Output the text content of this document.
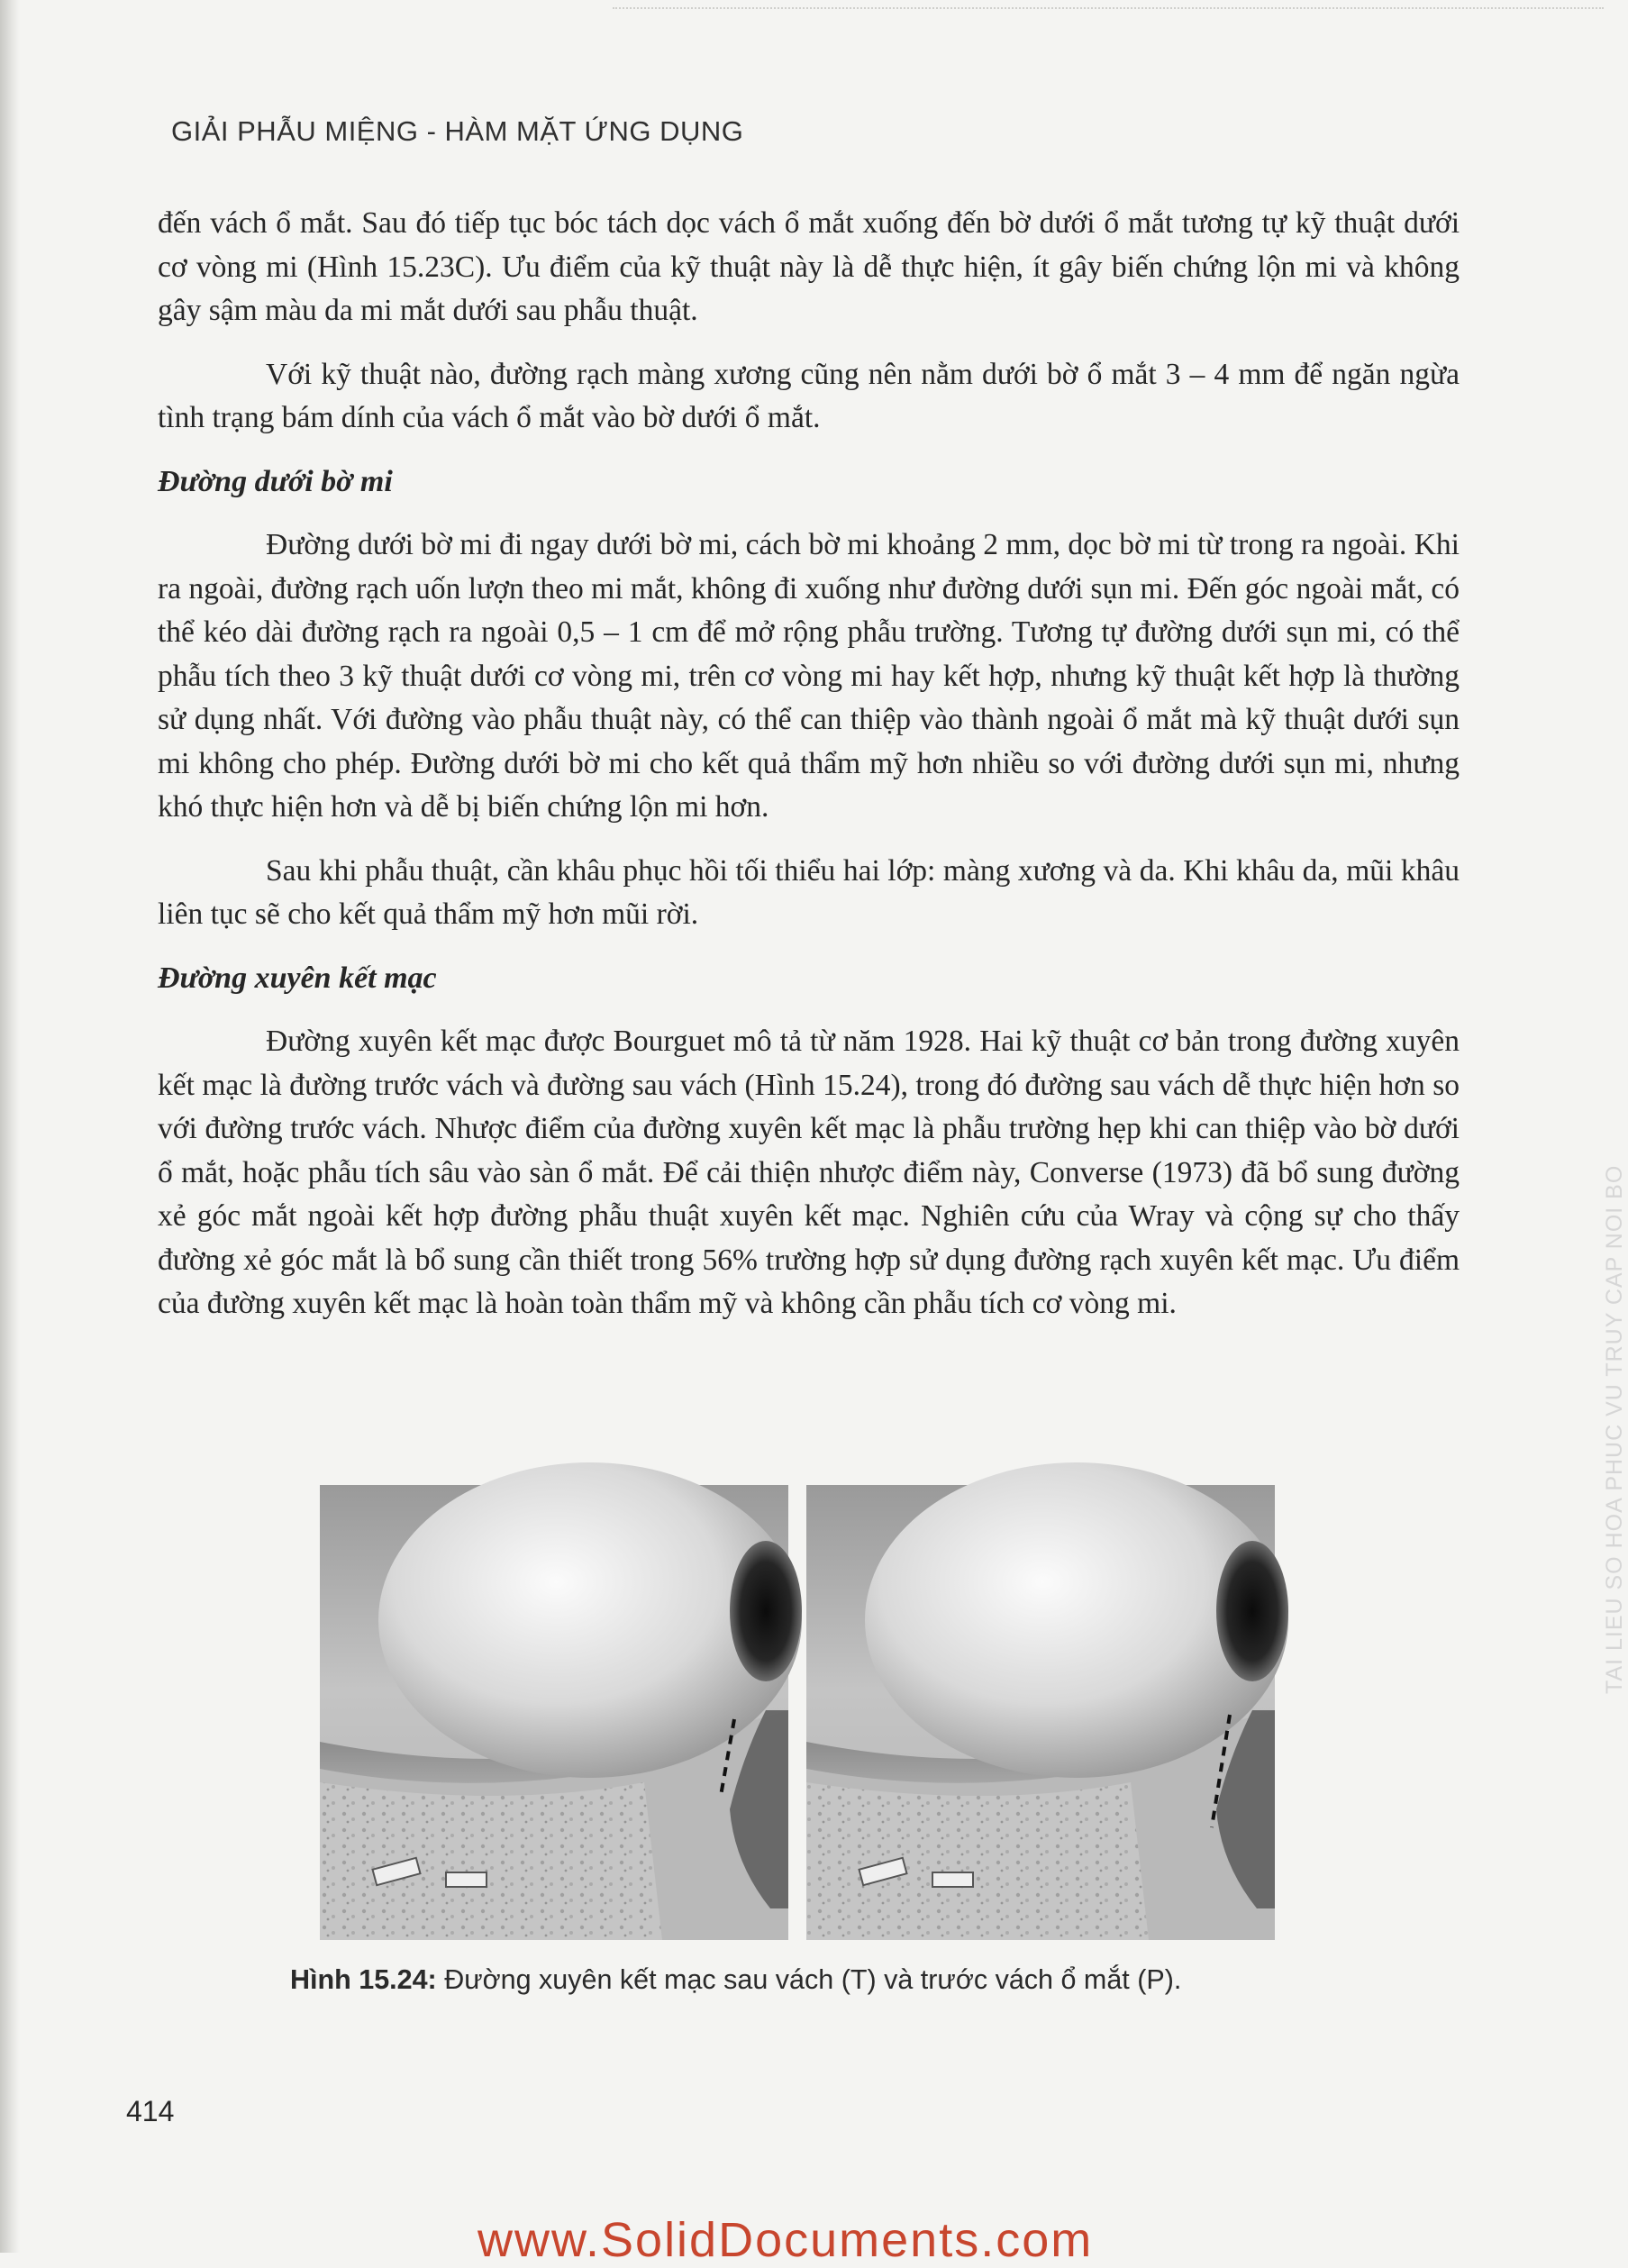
GIẢI PHẪU MIỆNG - HÀM MẶT ỨNG DỤNG

đến vách ổ mắt. Sau đó tiếp tục bóc tách dọc vách ổ mắt xuống đến bờ dưới ổ mắt tương tự kỹ thuật dưới cơ vòng mi (Hình 15.23C). Ưu điểm của kỹ thuật này là dễ thực hiện, ít gây biến chứng lộn mi và không gây sậm màu da mi mắt dưới sau phẫu thuật.

Với kỹ thuật nào, đường rạch màng xương cũng nên nằm dưới bờ ổ mắt 3 – 4 mm để ngăn ngừa tình trạng bám dính của vách ổ mắt vào bờ dưới ổ mắt.

Đường dưới bờ mi

Đường dưới bờ mi đi ngay dưới bờ mi, cách bờ mi khoảng 2 mm, dọc bờ mi từ trong ra ngoài. Khi ra ngoài, đường rạch uốn lượn theo mi mắt, không đi xuống như đường dưới sụn mi. Đến góc ngoài mắt, có thể kéo dài đường rạch ra ngoài 0,5 – 1 cm để mở rộng phẫu trường. Tương tự đường dưới sụn mi, có thể phẫu tích theo 3 kỹ thuật dưới cơ vòng mi, trên cơ vòng mi hay kết hợp, nhưng kỹ thuật kết hợp là thường sử dụng nhất. Với đường vào phẫu thuật này, có thể can thiệp vào thành ngoài ổ mắt mà kỹ thuật dưới sụn mi không cho phép. Đường dưới bờ mi cho kết quả thẩm mỹ hơn nhiều so với đường dưới sụn mi, nhưng khó thực hiện hơn và dễ bị biến chứng lộn mi hơn.

Sau khi phẫu thuật, cần khâu phục hồi tối thiểu hai lớp: màng xương và da. Khi khâu da, mũi khâu liên tục sẽ cho kết quả thẩm mỹ hơn mũi rời.

Đường xuyên kết mạc

Đường xuyên kết mạc được Bourguet mô tả từ năm 1928. Hai kỹ thuật cơ bản trong đường xuyên kết mạc là đường trước vách và đường sau vách (Hình 15.24), trong đó đường sau vách dễ thực hiện hơn so với đường trước vách. Nhược điểm của đường xuyên kết mạc là phẫu trường hẹp khi can thiệp vào bờ dưới ổ mắt, hoặc phẫu tích sâu vào sàn ổ mắt. Để cải thiện nhược điểm này, Converse (1973) đã bổ sung đường xẻ góc mắt ngoài kết hợp đường phẫu thuật xuyên kết mạc. Nghiên cứu của Wray và cộng sự cho thấy đường xẻ góc mắt là bổ sung cần thiết trong 56% trường hợp sử dụng đường rạch xuyên kết mạc. Ưu điểm của đường xuyên kết mạc là hoàn toàn thẩm mỹ và không cần phẫu tích cơ vòng mi.

Hình 15.24: Đường xuyên kết mạc sau vách (T) và trước vách ổ mắt (P).
414
TAI LIEU SO HOA PHUC VU TRUY CAP NOI BO
www.SolidDocuments.com
